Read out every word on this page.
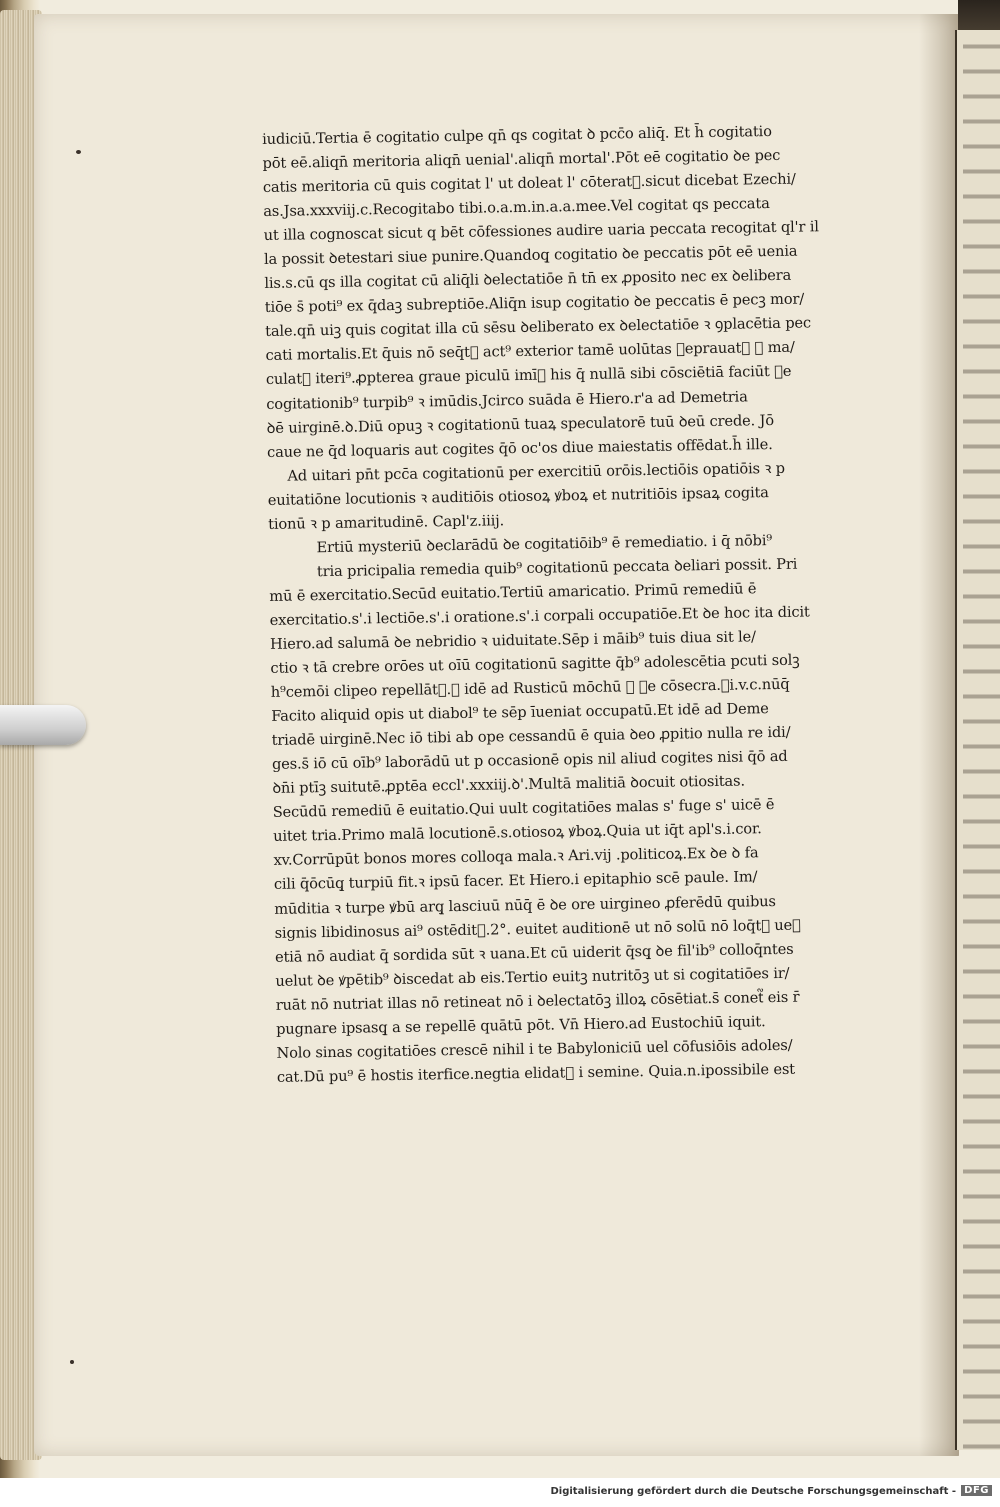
iudiciū.Tertia ē cogitatio culpe qn̄ qs cogitat ꝺ pcc̄o aliq̄. Et h̄ cogitatio
pōt eē.aliqn̄ meritoria aliqn̄ uenial'.aliqn̄ mortal'.Pōt eē cogitatio ꝺe pec
catis meritoria cū quis cogitat l' ut doleat l' cōterat᷑.sicut dicebat Ezechi/
as.Jsa.xxxviij.c.Recogitabo tibi.o.a.m.in.a.a.mee.Vel cogitat qs peccata
ut illa cognoscat sicut q bēt cōfessiones audire uaria peccata recogitat ql'r il
la possit ꝺetestari siue punire.Quandoq̧ cogitatio ꝺe peccatis pōt eē uenia
lis.s.cū qs illa cogitat cū aliq̄li ꝺelectatiōe n̄ tn̄ ex ꝓposito nec ex ꝺelibera
tiōe s̄ poti⁹ ex q̄daꝫ subreptiōe.Aliq̄n isup cogitatio ꝺe peccatis ē pecꝫ mor/
tale.qn̄ uiꝫ quis cogitat illa cū sēsu ꝺeliberato ex ꝺelectatiōe ꝛ ꝯplacētia pec
cati mortalis.Et q̄uis nō seq̄t᷑ act⁹ exterior tamē uolūtas ꝺeprauat᷑ ꝛ ma/
culat᷑ iteri⁹.ꝓpterea graue piculū imīꝫ his q̄ nullā sibi cōsciētiā faciūt ꝺe
cogitationib⁹ turpib⁹ ꝛ imūdis.Jcirco suāda ē Hiero.r'a ad Demetria
ꝺē uirginē.ꝺ.Diū opuꝫ ꝛ cogitationū tuaꝝ speculatorē tuū ꝺeū crede. Jō
caue ne q̄d loquaris aut cogites q̄ō oc'os diue maiestatis offēdat.h̄ ille.
Ad uitari pn̄t pcc̄a cogitationū per exercitiū orōis.lectiōis opatiōis ꝛ p
euitatiōne locutionis ꝛ auditiōis otiosoꝝ ꝟboꝝ et nutritiōis ipsaꝝ cogita
tionū ꝛ p amaritudinē. Capl'z.iiij.
Ertiū mysteriū ꝺeclarādū ꝺe cogitatiōib⁹ ē remediatio. i q̄ nōbi⁹
tria pricipalia remedia quib⁹ cogitationū peccata ꝺeliari possit. Pri
mū ē exercitatio.Secūd euitatio.Tertiū amaricatio. Primū remediū ē
exercitatio.s'.i lectiōe.s'.i oratione.s'.i corpali occupatiōe.Et ꝺe hoc ita dicit
Hiero.ad salumā ꝺe nebridio ꝛ uiduitate.Sēp i māib⁹ tuis diua sit le/
ctio ꝛ tā crebre orōes ut oīū cogitationū sagitte q̄b⁹ adolescētia pcuti solꝫ
h⁹cemōi clipeo repellāt᷑.ꝛ idē ad Rusticū mōchū ꝛ ꝺe cōsecra.ꝺi.v.c.nūq̄
Facito aliquid opis ut diabol⁹ te sēp īueniat occupatū.Et idē ad Deme
triadē uirginē.Nec iō tibi ab ope cessandū ē quia ꝺeo ꝓpitio nulla re idi/
ges.s̄ iō cū oīb⁹ laborādū ut p occasionē opis nil aliud cogites nisi q̄ō ad
ꝺn̄i ptīꝫ suitutē.ꝓptēa eccl'.xxxiij.ꝺ'.Multā malitiā ꝺocuit otiositas.
Secūdū remediū ē euitatio.Qui uult cogitatiōes malas s' fuge s' uicē ē
uitet tria.Primo malā locutionē.s.otiosoꝝ ꝟboꝝ.Quia ut iq̄t apl's.i.cor.
xv.Corrūpūt bonos mores colloqa mala.ꝛ Ari.vij .politicoꝝ.Ex ꝺe ꝺ fa
cili q̄ōcūq̧ turpiū fit.ꝛ ipsū facer. Et Hiero.i epitaphio scē paule. Im/
mūditia ꝛ turpe ꝟbū arq̧ lasciuū nūq̄ ē ꝺe ore uirgineo ꝓferēdū quibus
signis libidinosus ai⁹ ostēdit᷑.2°. euitet auditionē ut nō solū nō loq̄t᷑ ueꝝ
etiā nō audiat q̄ sordida sūt ꝛ uana.Et cū uiderit q̄sq̧ ꝺe fil'ib⁹ colloq̄ntes
uelut ꝺe ꝟpētib⁹ ꝺiscedat ab eis.Tertio euitꝫ nutritōꝫ ut si cogitatiōes ir/
ruāt nō nutriat illas nō retineat nō i ꝺelectatōꝫ illoꝝ cōsētiat.s̄ conet᷑ eis r̄
pugnare ipsasq̧ a se repellē quātū pōt. Vn̄ Hiero.ad Eustochiū iquit.
Nolo sinas cogitatiōes crescē nihil i te Babyloniciū uel cōfusiōis adoles/
cat.Dū pu⁹ ē hostis iterfice.negtia elidat᷑ i semine. Quia.n.ipossibile est
Digitalisierung gefördert durch die Deutsche Forschungsgemeinschaft - DFG
